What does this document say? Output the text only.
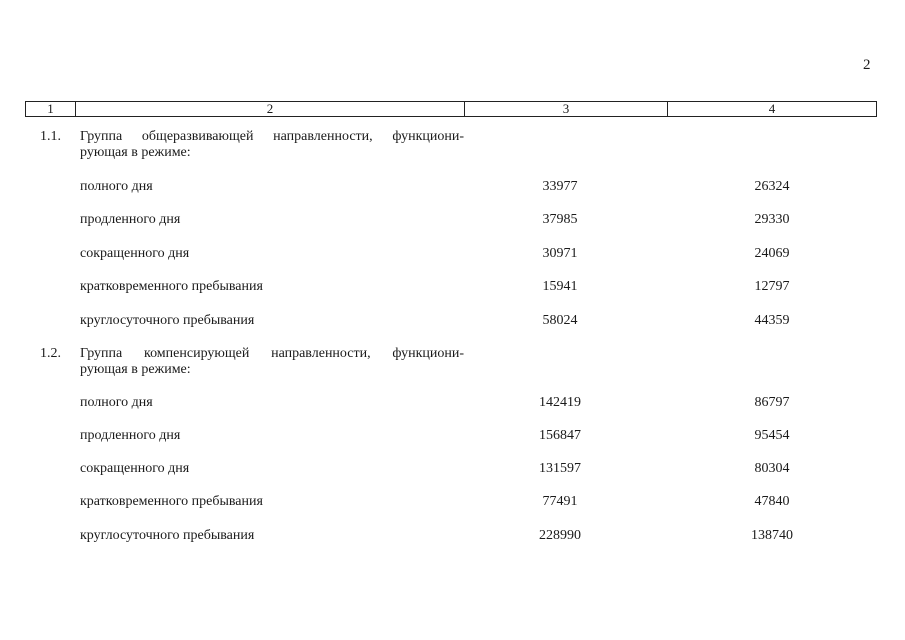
2
1	2	3	4
1.1. Группа общеразвивающей направленности, функциони-
рующая в режиме:
полного дня	33977	26324
продленного дня	37985	29330
сокращенного дня	30971	24069
кратковременного пребывания	15941	12797
круглосуточного пребывания	58024	44359
1.2. Группа компенсирующей направленности, функциони-
рующая в режиме:
полного дня	142419	86797
продленного дня	156847	95454
сокращенного дня	131597	80304
кратковременного пребывания	77491	47840
круглосуточного пребывания	228990	138740
